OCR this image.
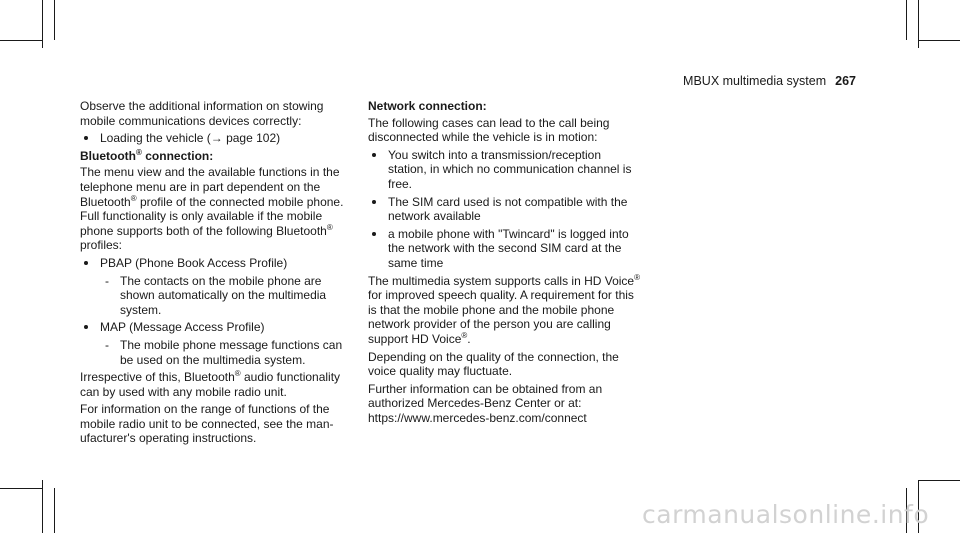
MBUX multimedia system 267

Observe the additional information on stowing mobile communications devices correctly:

Loading the vehicle (→ page 102)

Bluetooth® connection:

The menu view and the available functions in the telephone menu are in part dependent on the Bluetooth® profile of the connected mobile phone. Full functionality is only available if the mobile phone supports both of the following Bluetooth® profiles:

PBAP (Phone Book Access Profile)
- The contacts on the mobile phone are shown automatically on the multimedia system.
MAP (Message Access Profile)
- The mobile phone message functions can be used on the multimedia system.

Irrespective of this, Bluetooth® audio functionality can by used with any mobile radio unit.

For information on the range of functions of the mobile radio unit to be connected, see the manufacturer's operating instructions.

Network connection:

The following cases can lead to the call being disconnected while the vehicle is in motion:

You switch into a transmission/reception station, in which no communication channel is free.
The SIM card used is not compatible with the network available
a mobile phone with "Twincard" is logged into the network with the second SIM card at the same time

The multimedia system supports calls in HD Voice® for improved speech quality. A requirement for this is that the mobile phone and the mobile phone network provider of the person you are calling support HD Voice®.

Depending on the quality of the connection, the voice quality may fluctuate.

Further information can be obtained from an authorized Mercedes-Benz Center or at: https://www.mercedes-benz.com/connect

carmanualsonline.info
